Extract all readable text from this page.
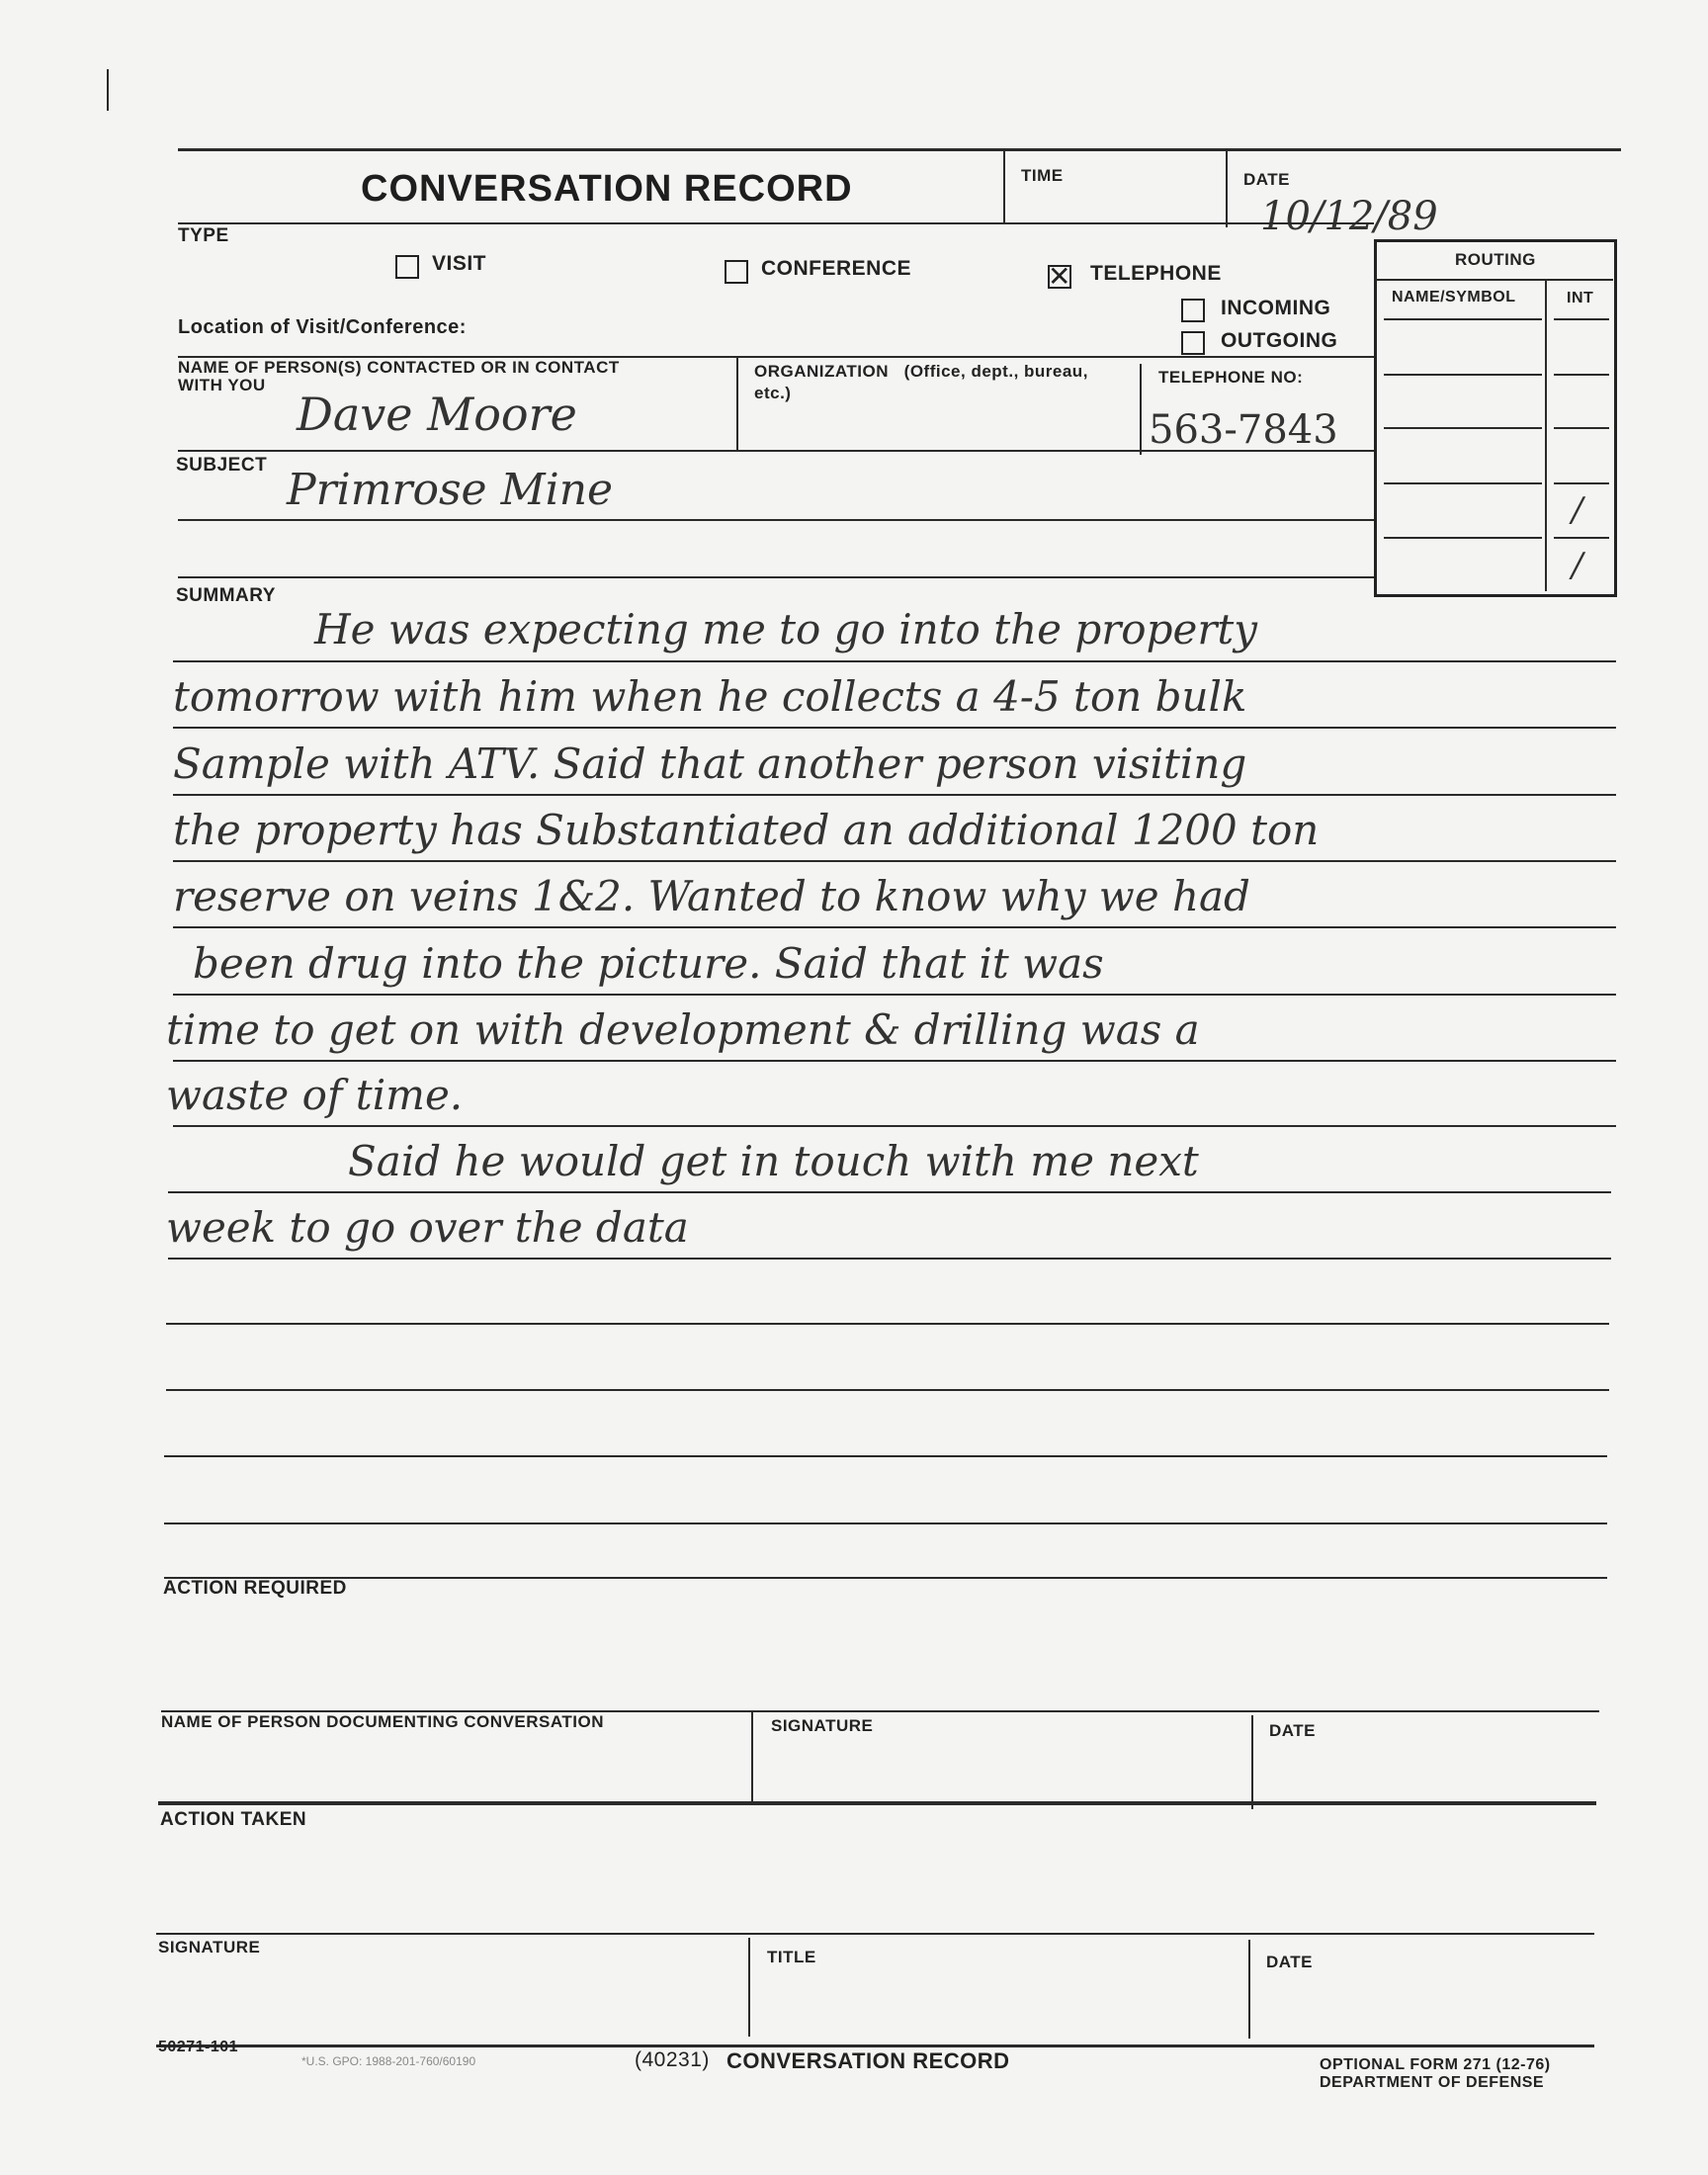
CONVERSATION RECORD	TIME	DATE
10/12/89
TYPE
VISIT	CONFERENCE
✕	TELEPHONE
INCOMING
OUTGOING
Location of Visit/Conference:
ROUTING
NAME/SYMBOL	INT
/
/
NAME OF PERSON(S) CONTACTED OR IN CONTACT
WITH YOU
Dave Moore
ORGANIZATION   (Office, dept., bureau,
etc.)
TELEPHONE NO:
563-7843
SUBJECT Primrose Mine
SUMMARY
He was expecting me to go into the property
tomorrow with him when he collects a 4-5 ton bulk
Sample with ATV. Said that another person visiting
the property has Substantiated an additional 1200 ton
reserve on veins 1&2. Wanted to know why we had
been drug into the picture. Said that it was
time to get on with development & drilling was a
waste of time.
Said he would get in touch with me next
week to go over the data
ACTION REQUIRED
NAME OF PERSON DOCUMENTING CONVERSATION	SIGNATURE	DATE
ACTION TAKEN
SIGNATURE
TITLE	DATE
50271-101
*U.S. GPO: 1988-201-760/60190	(40231) CONVERSATION RECORD	OPTIONAL FORM 271 (12-76)
DEPARTMENT OF DEFENSE
